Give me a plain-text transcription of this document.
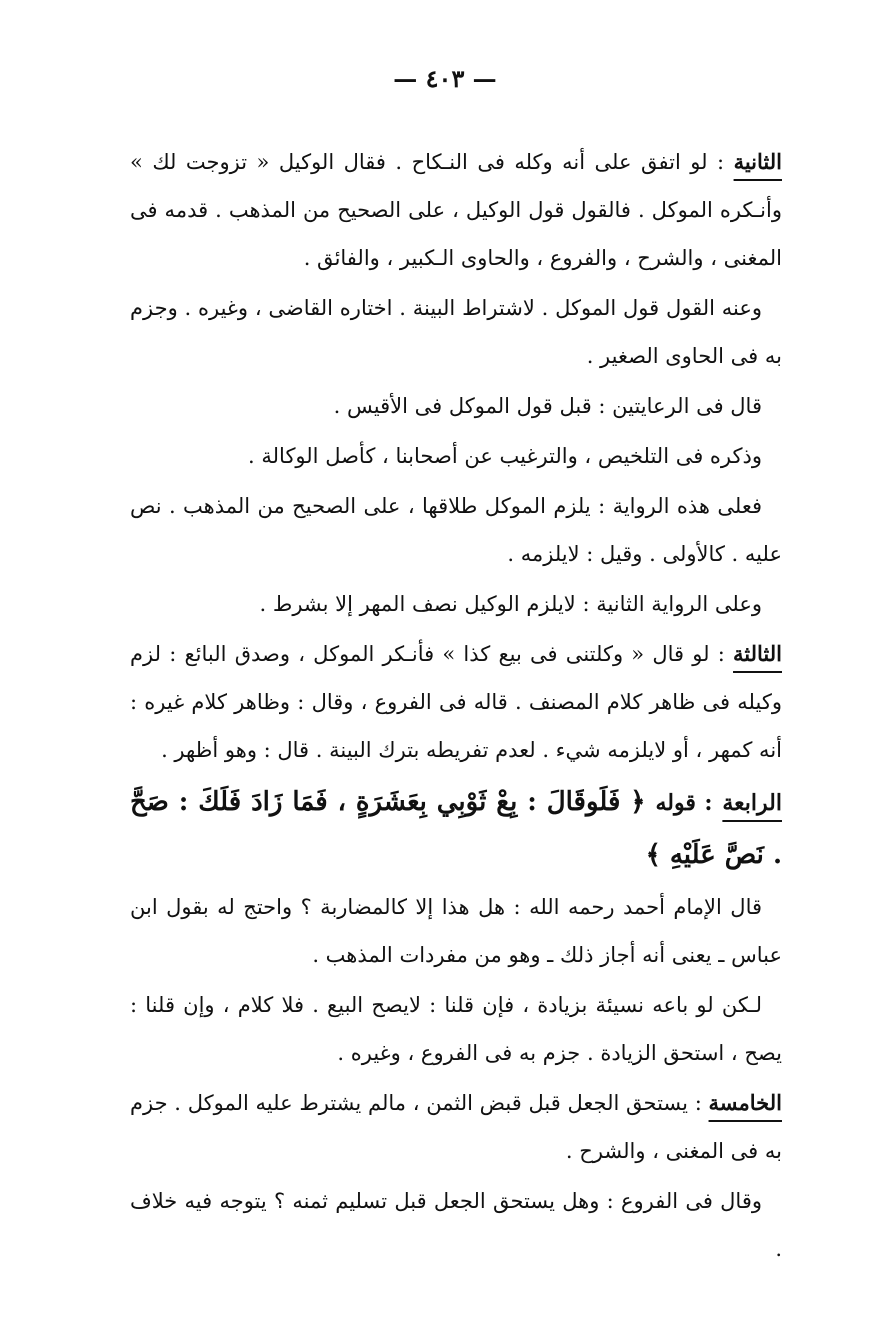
— ٤٠٣ —

الثانية : لو اتفق على أنه وكله فى النـكاح . فقال الوكيل « تزوجت لك » وأنـكره الموكل . فالقول قول الوكيل ، على الصحيح من المذهب . قدمه فى المغنى ، والشرح ، والفروع ، والحاوى الـكبير ، والفائق .

وعنه القول قول الموكل . لاشتراط البينة . اختاره القاضى ، وغيره . وجزم به فى الحاوى الصغير .

قال فى الرعايتين : قبل قول الموكل فى الأقيس .

وذكره فى التلخيص ، والترغيب عن أصحابنا ، كأصل الوكالة .

فعلى هذه الرواية : يلزم الموكل طلاقها ، على الصحيح من المذهب . نص عليه . كالأولى . وقيل : لايلزمه .

وعلى الرواية الثانية : لايلزم الوكيل نصف المهر إلا بشرط .

الثالثة : لو قال « وكلتنى فى بيع كذا » فأنـكر الموكل ، وصدق البائع : لزم وكيله فى ظاهر كلام المصنف . قاله فى الفروع ، وقال : وظاهر كلام غيره : أنه كمهر ، أو لايلزمه شيء . لعدم تفريطه بترك البينة . قال : وهو أظهر .

الرابعة : قوله ﴿ فَلَوقَالَ : بِعْ ثَوْبِي بِعَشَرَةٍ ، فَمَا زَادَ فَلَكَ : صَحَّ . نَصَّ عَلَيْهِ ﴾

قال الإمام أحمد رحمه الله : هل هذا إلا كالمضاربة ؟ واحتج له بقول ابن عباس ـ يعنى أنه أجاز ذلك ـ وهو من مفردات المذهب .

لـكن لو باعه نسيئة بزيادة ، فإن قلنا : لايصح البيع . فلا كلام ، وإن قلنا : يصح ، استحق الزيادة . جزم به فى الفروع ، وغيره .

الخامسة : يستحق الجعل قبل قبض الثمن ، مالم يشترط عليه الموكل . جزم به فى المغنى ، والشرح .

وقال فى الفروع : وهل يستحق الجعل قبل تسليم ثمنه ؟ يتوجه فيه خلاف .
